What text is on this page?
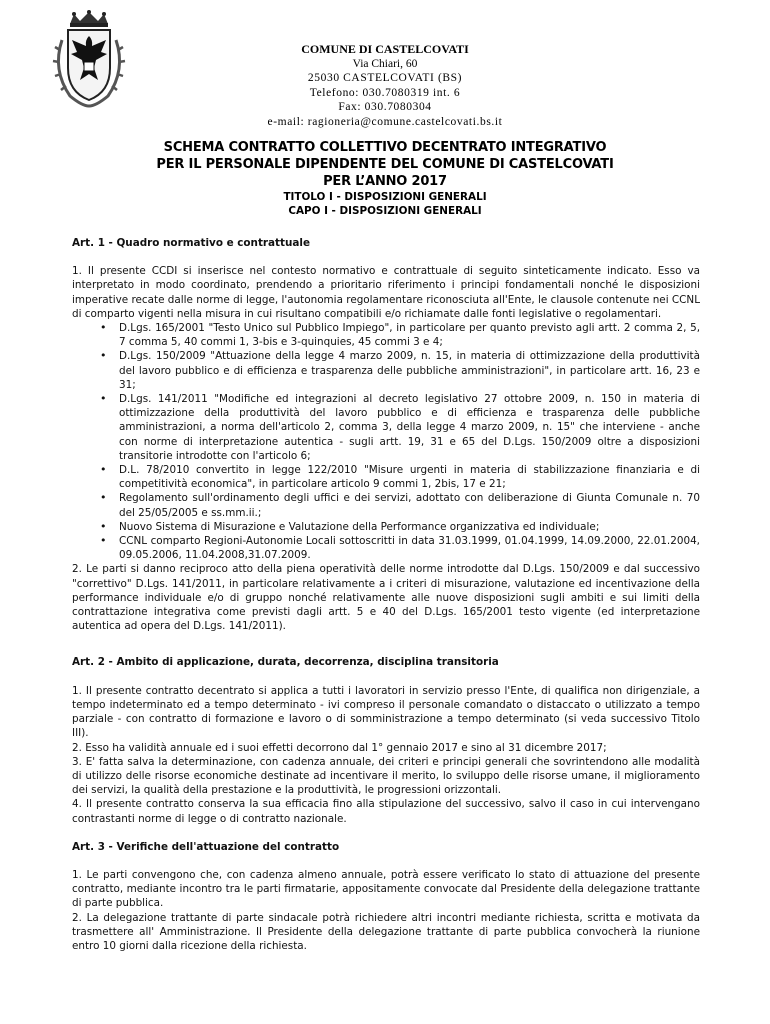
COMUNE DI CASTELCOVATI
Via Chiari, 60
25030 CASTELCOVATI (BS)
Telefono: 030.7080319 int. 6
Fax: 030.7080304
e-mail: ragioneria@comune.castelcovati.bs.it
SCHEMA CONTRATTO COLLETTIVO DECENTRATO INTEGRATIVO
PER IL PERSONALE DIPENDENTE DEL COMUNE DI CASTELCOVATI
PER L’ANNO 2017
TITOLO I - DISPOSIZIONI GENERALI
CAPO I - DISPOSIZIONI GENERALI
Art. 1 - Quadro normativo e contrattuale

1. Il presente CCDI si inserisce nel contesto normativo e contrattuale di seguito sinteticamente indicato. Esso va interpretato in modo coordinato, prendendo a prioritario riferimento i principi fondamentali nonché le disposizioni imperative recate dalle norme di legge, l'autonomia regolamentare riconosciuta all'Ente, le clausole contenute nei CCNL di comparto vigenti nella misura in cui risultano compatibili e/o richiamate dalle fonti legislative o regolamentari.

• D.Lgs. 165/2001 "Testo Unico sul Pubblico Impiego", in particolare per quanto previsto agli artt. 2 comma 2, 5, 7 comma 5, 40 commi 1, 3-bis e 3-quinquies, 45 commi 3 e 4;
• D.Lgs. 150/2009 "Attuazione della legge 4 marzo 2009, n. 15, in materia di ottimizzazione della produttività del lavoro pubblico e di efficienza e trasparenza delle pubbliche amministrazioni", in particolare artt. 16, 23 e 31;
• D.Lgs. 141/2011 "Modifiche ed integrazioni al decreto legislativo 27 ottobre 2009, n. 150 in materia di ottimizzazione della produttività del lavoro pubblico e di efficienza e trasparenza delle pubbliche amministrazioni, a norma dell'articolo 2, comma 3, della legge 4 marzo 2009, n. 15" che interviene - anche con norme di interpretazione autentica - sugli artt. 19, 31 e 65 del D.Lgs. 150/2009 oltre a disposizioni transitorie introdotte con l'articolo 6;
• D.L. 78/2010 convertito in legge 122/2010 "Misure urgenti in materia di stabilizzazione finanziaria e di competitività economica", in particolare articolo 9 commi 1, 2bis, 17 e 21;
• Regolamento sull'ordinamento degli uffici e dei servizi, adottato con deliberazione di Giunta Comunale n. 70 del 25/05/2005 e ss.mm.ii.;
• Nuovo Sistema di Misurazione e Valutazione della Performance organizzativa ed individuale;
• CCNL comparto Regioni-Autonomie Locali sottoscritti in data 31.03.1999, 01.04.1999, 14.09.2000, 22.01.2004, 09.05.2006, 11.04.2008,31.07.2009.

2. Le parti si danno reciproco atto della piena operatività delle norme introdotte dal D.Lgs. 150/2009 e dal successivo "correttivo" D.Lgs. 141/2011, in particolare relativamente a i criteri di misurazione, valutazione ed incentivazione della performance individuale e/o di gruppo nonché relativamente alle nuove disposizioni sugli ambiti e sui limiti della contrattazione integrativa come previsti dagli artt. 5 e 40 del D.Lgs. 165/2001 testo vigente (ed interpretazione autentica ad opera del D.Lgs. 141/2011).

Art. 2 - Ambito di applicazione, durata, decorrenza, disciplina transitoria

1. Il presente contratto decentrato si applica a tutti i lavoratori in servizio presso l'Ente, di qualifica non dirigenziale, a tempo indeterminato ed a tempo determinato - ivi compreso il personale comandato o distaccato o utilizzato a tempo parziale - con contratto di formazione e lavoro o di somministrazione a tempo determinato (si veda successivo Titolo III).

2. Esso ha validità annuale ed i suoi effetti decorrono dal 1° gennaio 2017 e sino al 31 dicembre 2017;

3. E' fatta salva la determinazione, con cadenza annuale, dei criteri e principi generali che sovrintendono alle modalità di utilizzo delle risorse economiche destinate ad incentivare il merito, lo sviluppo delle risorse umane, il miglioramento dei servizi, la qualità della prestazione e la produttività, le progressioni orizzontali.

4. Il presente contratto conserva la sua efficacia fino alla stipulazione del successivo, salvo il caso in cui intervengano contrastanti norme di legge o di contratto nazionale.

Art. 3 - Verifiche dell'attuazione del contratto

1. Le parti convengono che, con cadenza almeno annuale, potrà essere verificato lo stato di attuazione del presente contratto, mediante incontro tra le parti firmatarie, appositamente convocate dal Presidente della delegazione trattante di parte pubblica.

2. La delegazione trattante di parte sindacale potrà richiedere altri incontri mediante richiesta, scritta e motivata da trasmettere all' Amministrazione. Il Presidente della delegazione trattante di parte pubblica convocherà la riunione entro 10 giorni dalla ricezione della richiesta.
